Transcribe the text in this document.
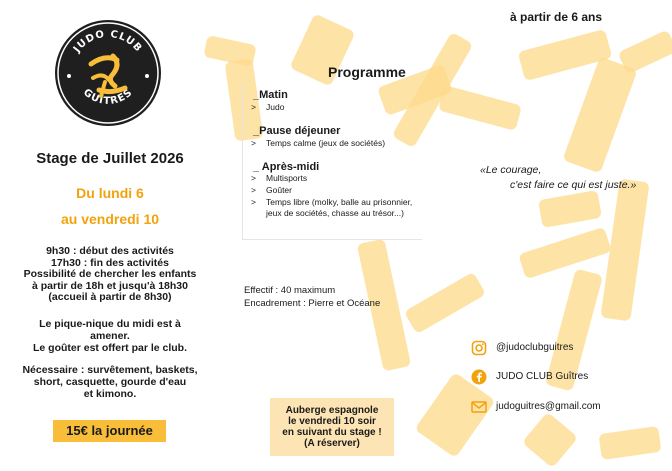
JUDO CLUB
GUÎTRES
Stage de Juillet 2026
Du lundi 6
au vendredi 10
9h30 : début des activités
17h30 : fin des activités
Possibilité de chercher les enfants
à partir de 18h et jusqu'à 18h30
(accueil à partir de 8h30)
Le pique-nique du midi est à
amener.
Le goûter est offert par le club.
Nécessaire : survêtement, baskets,
short, casquette, gourde d'eau
et kimono.
15€ la journée
Programme
_Matin
> Judo
_Pause déjeuner
> Temps calme (jeux de sociétés)
_ Après-midi
> Multisports
> Goûter
> Temps libre (molky, balle au prisonnier, jeux de sociétés, chasse au trésor...)
Effectif : 40 maximum
Encadrement : Pierre et Océane
Auberge espagnole
le vendredi 10 soir
en suivant du stage !
(A réserver)
à partir de 6 ans
«Le courage,
c'est faire ce qui est juste.»
@judoclubguitres
JUDO CLUB Guîtres
judoguitres@gmail.com
